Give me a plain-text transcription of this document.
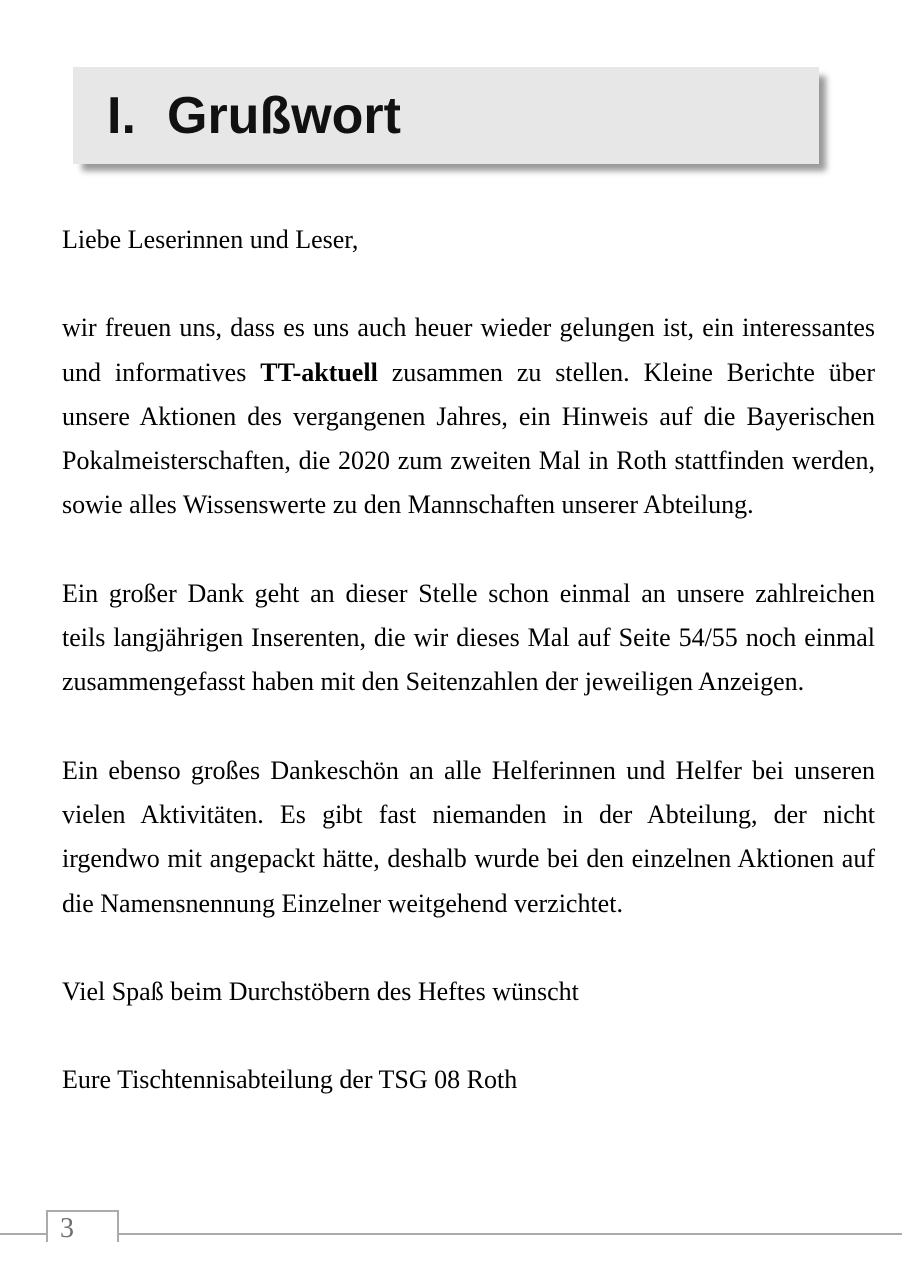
I. Grußwort

Liebe Leserinnen und Leser,

wir freuen uns, dass es uns auch heuer wieder gelungen ist, ein interessantes und informatives TT-aktuell zusammen zu stellen. Kleine Berichte über unsere Aktionen des vergangenen Jahres, ein Hinweis auf die Bayerischen Pokalmeisterschaften, die 2020 zum zweiten Mal in Roth stattfinden werden, sowie alles Wissenswerte zu den Mannschaften unserer Abteilung.

Ein großer Dank geht an dieser Stelle schon einmal an unsere zahlreichen teils langjährigen Inserenten, die wir dieses Mal auf Seite 54/55 noch einmal zusammengefasst haben mit den Seitenzahlen der jeweiligen Anzeigen.

Ein ebenso großes Dankeschön an alle Helferinnen und Helfer bei unseren vielen Aktivitäten. Es gibt fast niemanden in der Abteilung, der nicht irgendwo mit angepackt hätte, deshalb wurde bei den einzelnen Aktionen auf die Namensnennung Einzelner weitgehend verzichtet.

Viel Spaß beim Durchstöbern des Heftes wünscht

Eure Tischtennisabteilung der TSG 08 Roth

3
